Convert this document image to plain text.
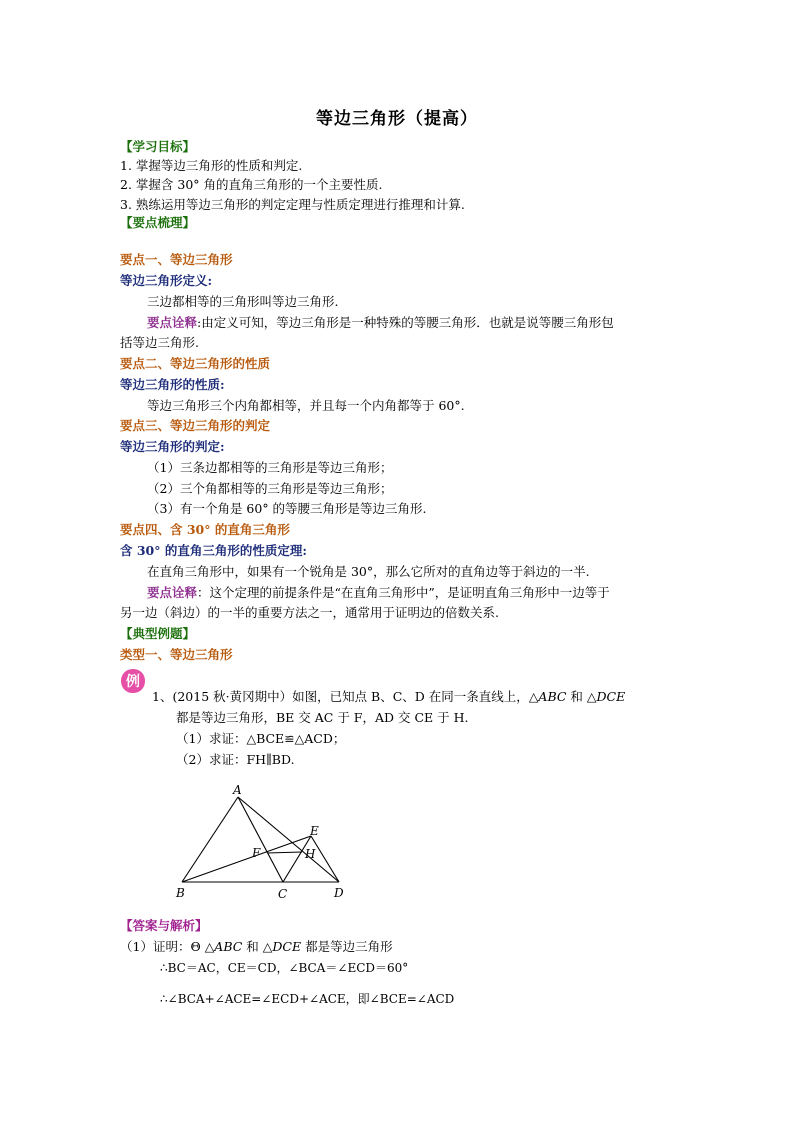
等边三角形（提高）
【学习目标】
1. 掌握等边三角形的性质和判定.
2. 掌握含 30° 角的直角三角形的一个主要性质.
3. 熟练运用等边三角形的判定定理与性质定理进行推理和计算.
【要点梳理】
要点一、等边三角形
等边三角形定义:
三边都相等的三角形叫等边三角形.
要点诠释:由定义可知，等边三角形是一种特殊的等腰三角形．也就是说等腰三角形包
括等边三角形.
要点二、等边三角形的性质
等边三角形的性质:
等边三角形三个内角都相等，并且每一个内角都等于 60°.
要点三、等边三角形的判定
等边三角形的判定:
（1）三条边都相等的三角形是等边三角形；
（2）三个角都相等的三角形是等边三角形；
（3）有一个角是 60° 的等腰三角形是等边三角形.
要点四、含 30° 的直角三角形
含 30° 的直角三角形的性质定理:
在直角三角形中，如果有一个锐角是 30°，那么它所对的直角边等于斜边的一半.
要点诠释：这个定理的前提条件是“在直角三角形中”，是证明直角三角形中一边等于
另一边（斜边）的一半的重要方法之一，通常用于证明边的倍数关系.
【典型例题】
类型一、等边三角形
例
1、(2015 秋·黄冈期中）如图，已知点 B、C、D 在同一条直线上，△ABC 和 △DCE
都是等边三角形，BE 交 AC 于 F，AD 交 CE 于 H.
（1）求证：△BCE≌△ACD；
（2）求证：FH∥BD.
A
B	C	D
E
F	H
【答案与解析】
（1）证明：Θ △ABC 和 △DCE 都是等边三角形
∴BC＝AC，CE＝CD，∠BCA＝∠ECD＝60°
∴∠BCA+∠ACE=∠ECD+∠ACE，即∠BCE=∠ACD
